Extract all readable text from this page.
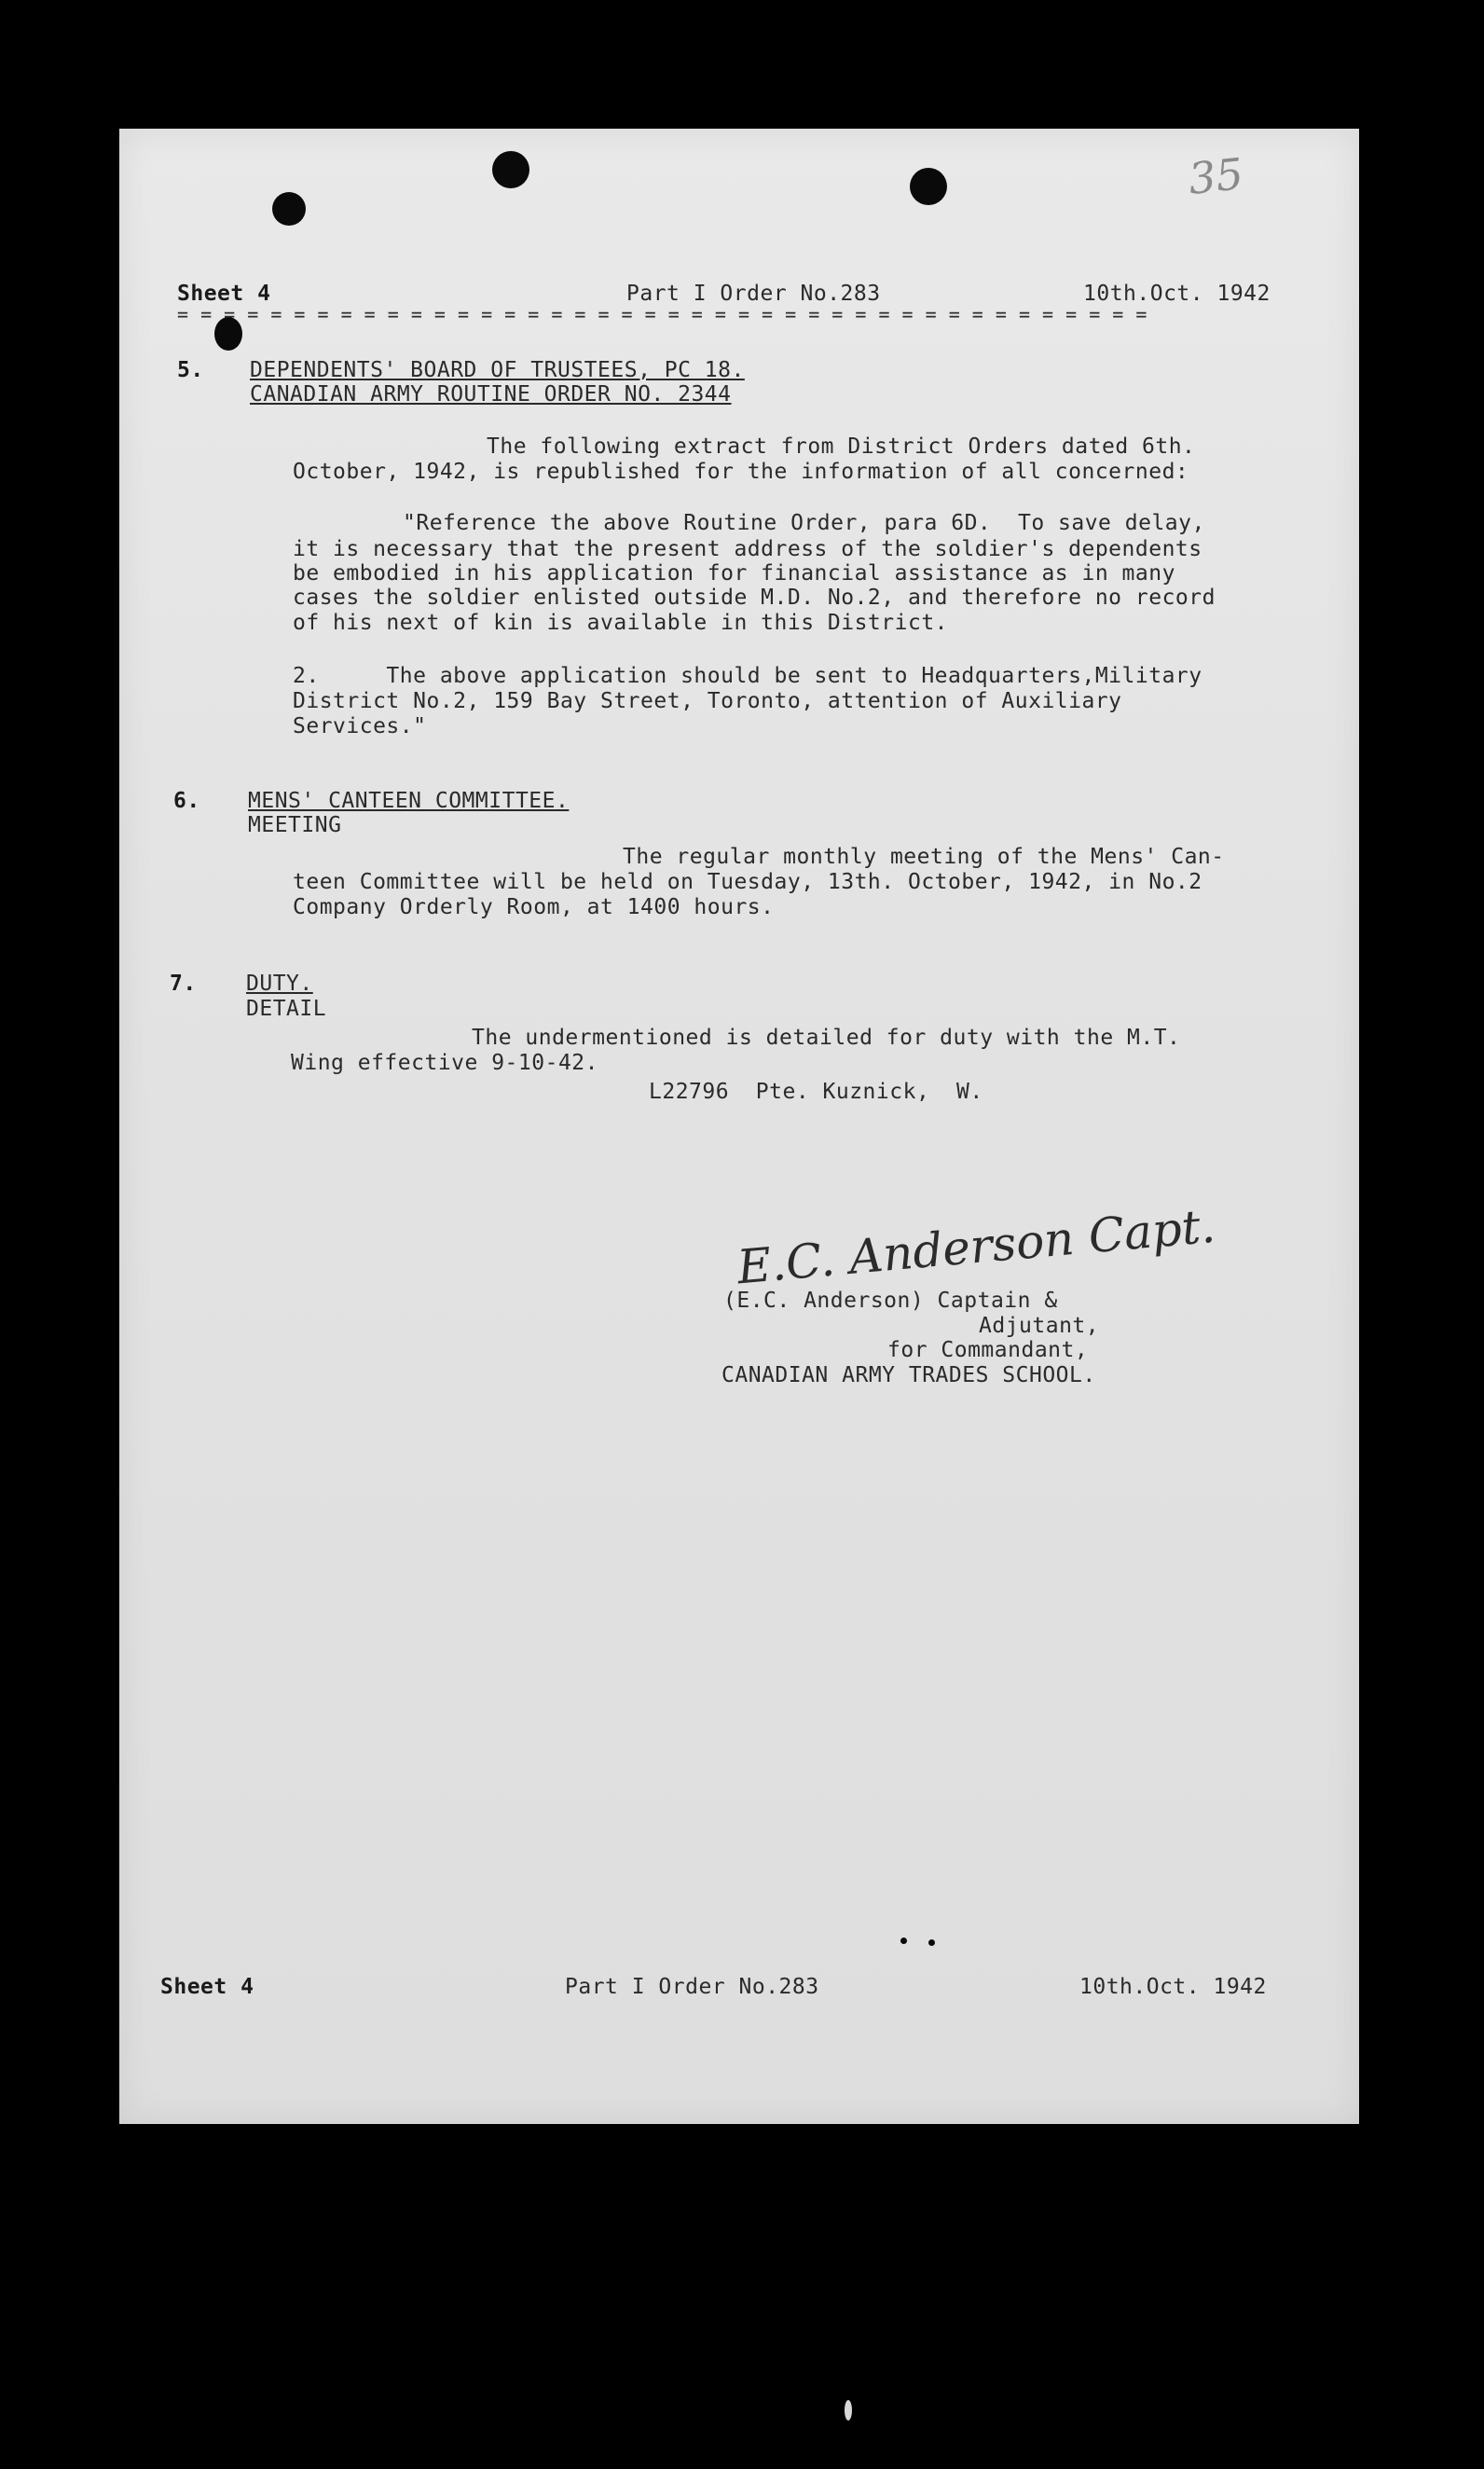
35
Sheet 4	Part I Order No.283	10th.Oct. 1942
= = = = = = = = = = = = = = = = = = = = = = = = = = = = = = = = = = = = = = = = = =
5. DEPENDENTS' BOARD OF TRUSTEES, PC 18.
CANADIAN ARMY ROUTINE ORDER NO. 2344
The following extract from District Orders dated 6th.
October, 1942, is republished for the information of all concerned:
"Reference the above Routine Order, para 6D.  To save delay,
it is necessary that the present address of the soldier's dependents
be embodied in his application for financial assistance as in many
cases the soldier enlisted outside M.D. No.2, and therefore no record
of his next of kin is available in this District.
2.     The above application should be sent to Headquarters,Military
District No.2, 159 Bay Street, Toronto, attention of Auxiliary
Services."
6. MENS' CANTEEN COMMITTEE.
MEETING
The regular monthly meeting of the Mens' Can-
teen Committee will be held on Tuesday, 13th. October, 1942, in No.2
Company Orderly Room, at 1400 hours.
7. DUTY.
DETAIL
The undermentioned is detailed for duty with the M.T.
Wing effective 9-10-42.
L22796  Pte. Kuznick,  W.
E.C. Anderson Capt.
(E.C. Anderson) Captain &
Adjutant,
for Commandant,
CANADIAN ARMY TRADES SCHOOL.
Sheet 4	Part I Order No.283	10th.Oct. 1942
